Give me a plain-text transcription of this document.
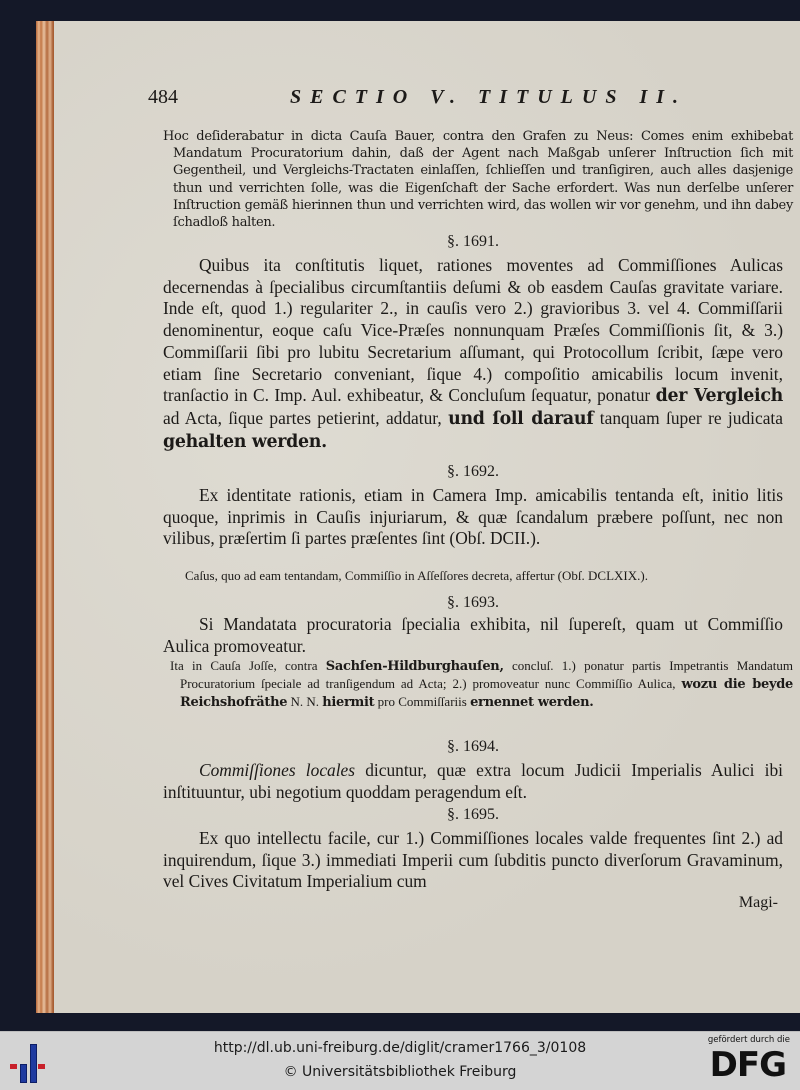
484	SECTIO V. TITULUS II.

Hoc deſiderabatur in dicta Cauſa Bauer, contra den Grafen zu Neus: Comes enim exhibebat Mandatum Procuratorium dahin, daß der Agent nach Maßgab unſerer Inſtruction ſich mit Gegentheil, und Vergleichs-Tractaten einlaſſen, ſchlieſſen und tranſigiren, auch alles dasjenige thun und verrichten ſolle, was die Eigenſchaft der Sache erfordert. Was nun derſelbe unſerer Inſtruction gemäß hierinnen thun und verrichten wird, das wollen wir vor genehm, und ihn dabey ſchadloß halten.

§. 1691.

Quibus ita conſtitutis liquet, rationes moventes ad Commiſſiones Aulicas decernendas à ſpecialibus circumſtantiis deſumi & ob easdem Cauſas gravitate variare. Inde eſt, quod 1.) regulariter 2., in cauſis vero 2.) gravioribus 3. vel 4. Commiſſarii denominentur, eoque caſu Vice-Præſes nonnunquam Præſes Commiſſionis ſit, & 3.) Commiſſarii ſibi pro lubitu Secretarium aſſumant, qui Protocollum ſcribit, ſæpe vero etiam ſine Secretario conveniant, ſique 4.) compoſitio amicabilis locum invenit, tranſactio in C. Imp. Aul. exhibeatur, & Concluſum ſequatur, ponatur der Vergleich ad Acta, ſique partes petierint, addatur, und ſoll darauf tanquam ſuper re judicata gehalten werden.

§. 1692.

Ex identitate rationis, etiam in Camera Imp. amicabilis tentanda eſt, initio litis quoque, inprimis in Cauſis injuriarum, & quæ ſcandalum præbere poſſunt, nec non vilibus, præſertim ſi partes præſentes ſint (Obſ. DCII.).

Caſus, quo ad eam tentandam, Commiſſio in Aſſeſſores decreta, affertur (Obſ. DCLXIX.).

§. 1693.

Si Mandatata procuratoria ſpecialia exhibita, nil ſupereſt, quam ut Commiſſio Aulica promoveatur.

Ita in Cauſa Joſſe, contra Sachſen-Hildburghauſen, concluſ. 1.) ponatur partis Impetrantis Mandatum Procuratorium ſpeciale ad tranſigendum ad Acta; 2.) promoveatur nunc Commiſſio Aulica, wozu die beyde Reichshofräthe N. N. hiermit pro Commiſſariis ernennet werden.

§. 1694.

Commiſſiones locales dicuntur, quæ extra locum Judicii Imperialis Aulici ibi inſtituuntur, ubi negotium quoddam peragendum eſt.

§. 1695.

Ex quo intellectu facile, cur 1.) Commiſſiones locales valde frequentes ſint 2.) ad inquirendum, ſique 3.) immediati Imperii cum ſubditis puncto diverſorum Gravaminum, vel Cives Civitatum Imperialium cum

Magi-
http://dl.ub.uni-freiburg.de/diglit/cramer1766_3/0108
© Universitätsbibliothek Freiburg
gefördert durch die
DFG
